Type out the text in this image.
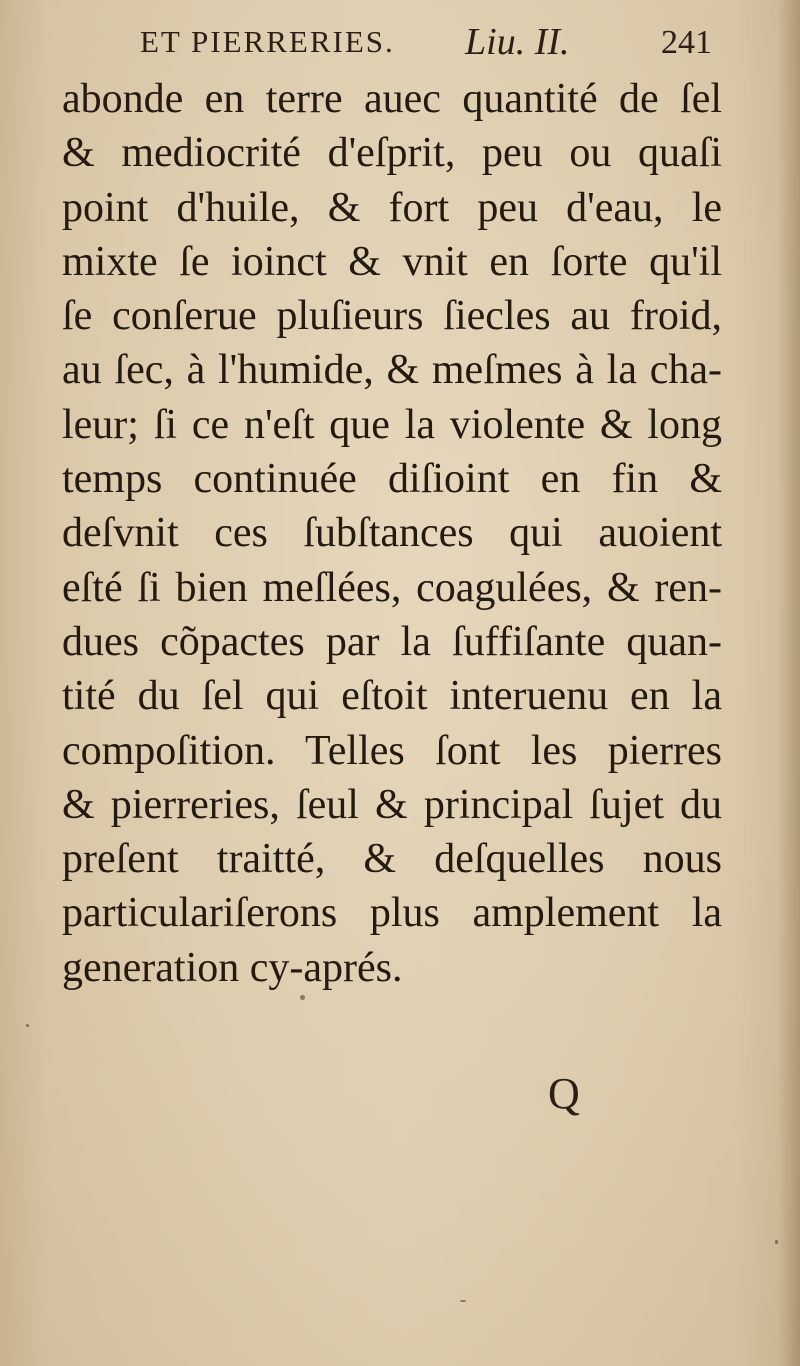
ET PIERRERIES. Liu. II.	241
abonde en terre auec quantité de ſel
& mediocrité d'eſprit, peu ou quaſi
point d'huile, & fort peu d'eau, le
mixte ſe ioinct & vnit en ſorte qu'il
ſe conſerue pluſieurs ſiecles au froid,
au ſec, à l'humide, & meſmes à la cha-
leur; ſi ce n'eſt que la violente & long
temps continuée diſioint en fin &
deſvnit ces ſubſtances qui auoient
eſté ſi bien meſlées, coagulées, & ren-
dues cõpactes par la ſuffiſante quan-
tité du ſel qui eſtoit interuenu en la
compoſition. Telles ſont les pierres
& pierreries, ſeul & principal ſujet du
preſent traitté, & deſquelles nous
particulariſerons plus amplement la
generation cy-aprés.
Q
